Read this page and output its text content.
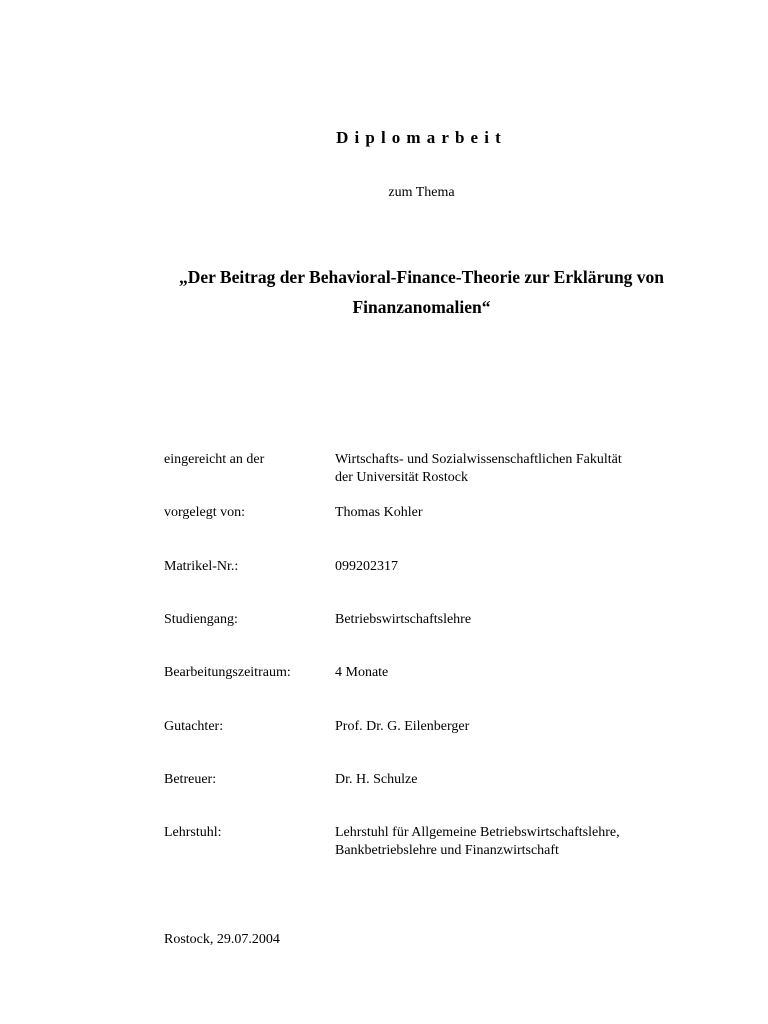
Diplomarbeit
zum Thema
„Der Beitrag der Behavioral-Finance-Theorie zur Erklärung von Finanzanomalien“
eingereicht an der	Wirtschafts- und Sozialwissenschaftlichen Fakultät
der Universität Rostock
vorgelegt von:	Thomas Kohler
Matrikel-Nr.:	099202317
Studiengang:	Betriebswirtschaftslehre
Bearbeitungszeitraum:	4 Monate
Gutachter:	Prof. Dr. G. Eilenberger
Betreuer:	Dr. H. Schulze
Lehrstuhl:	Lehrstuhl für Allgemeine Betriebswirtschaftslehre,
Bankbetriebslehre und Finanzwirtschaft
Rostock, 29.07.2004
